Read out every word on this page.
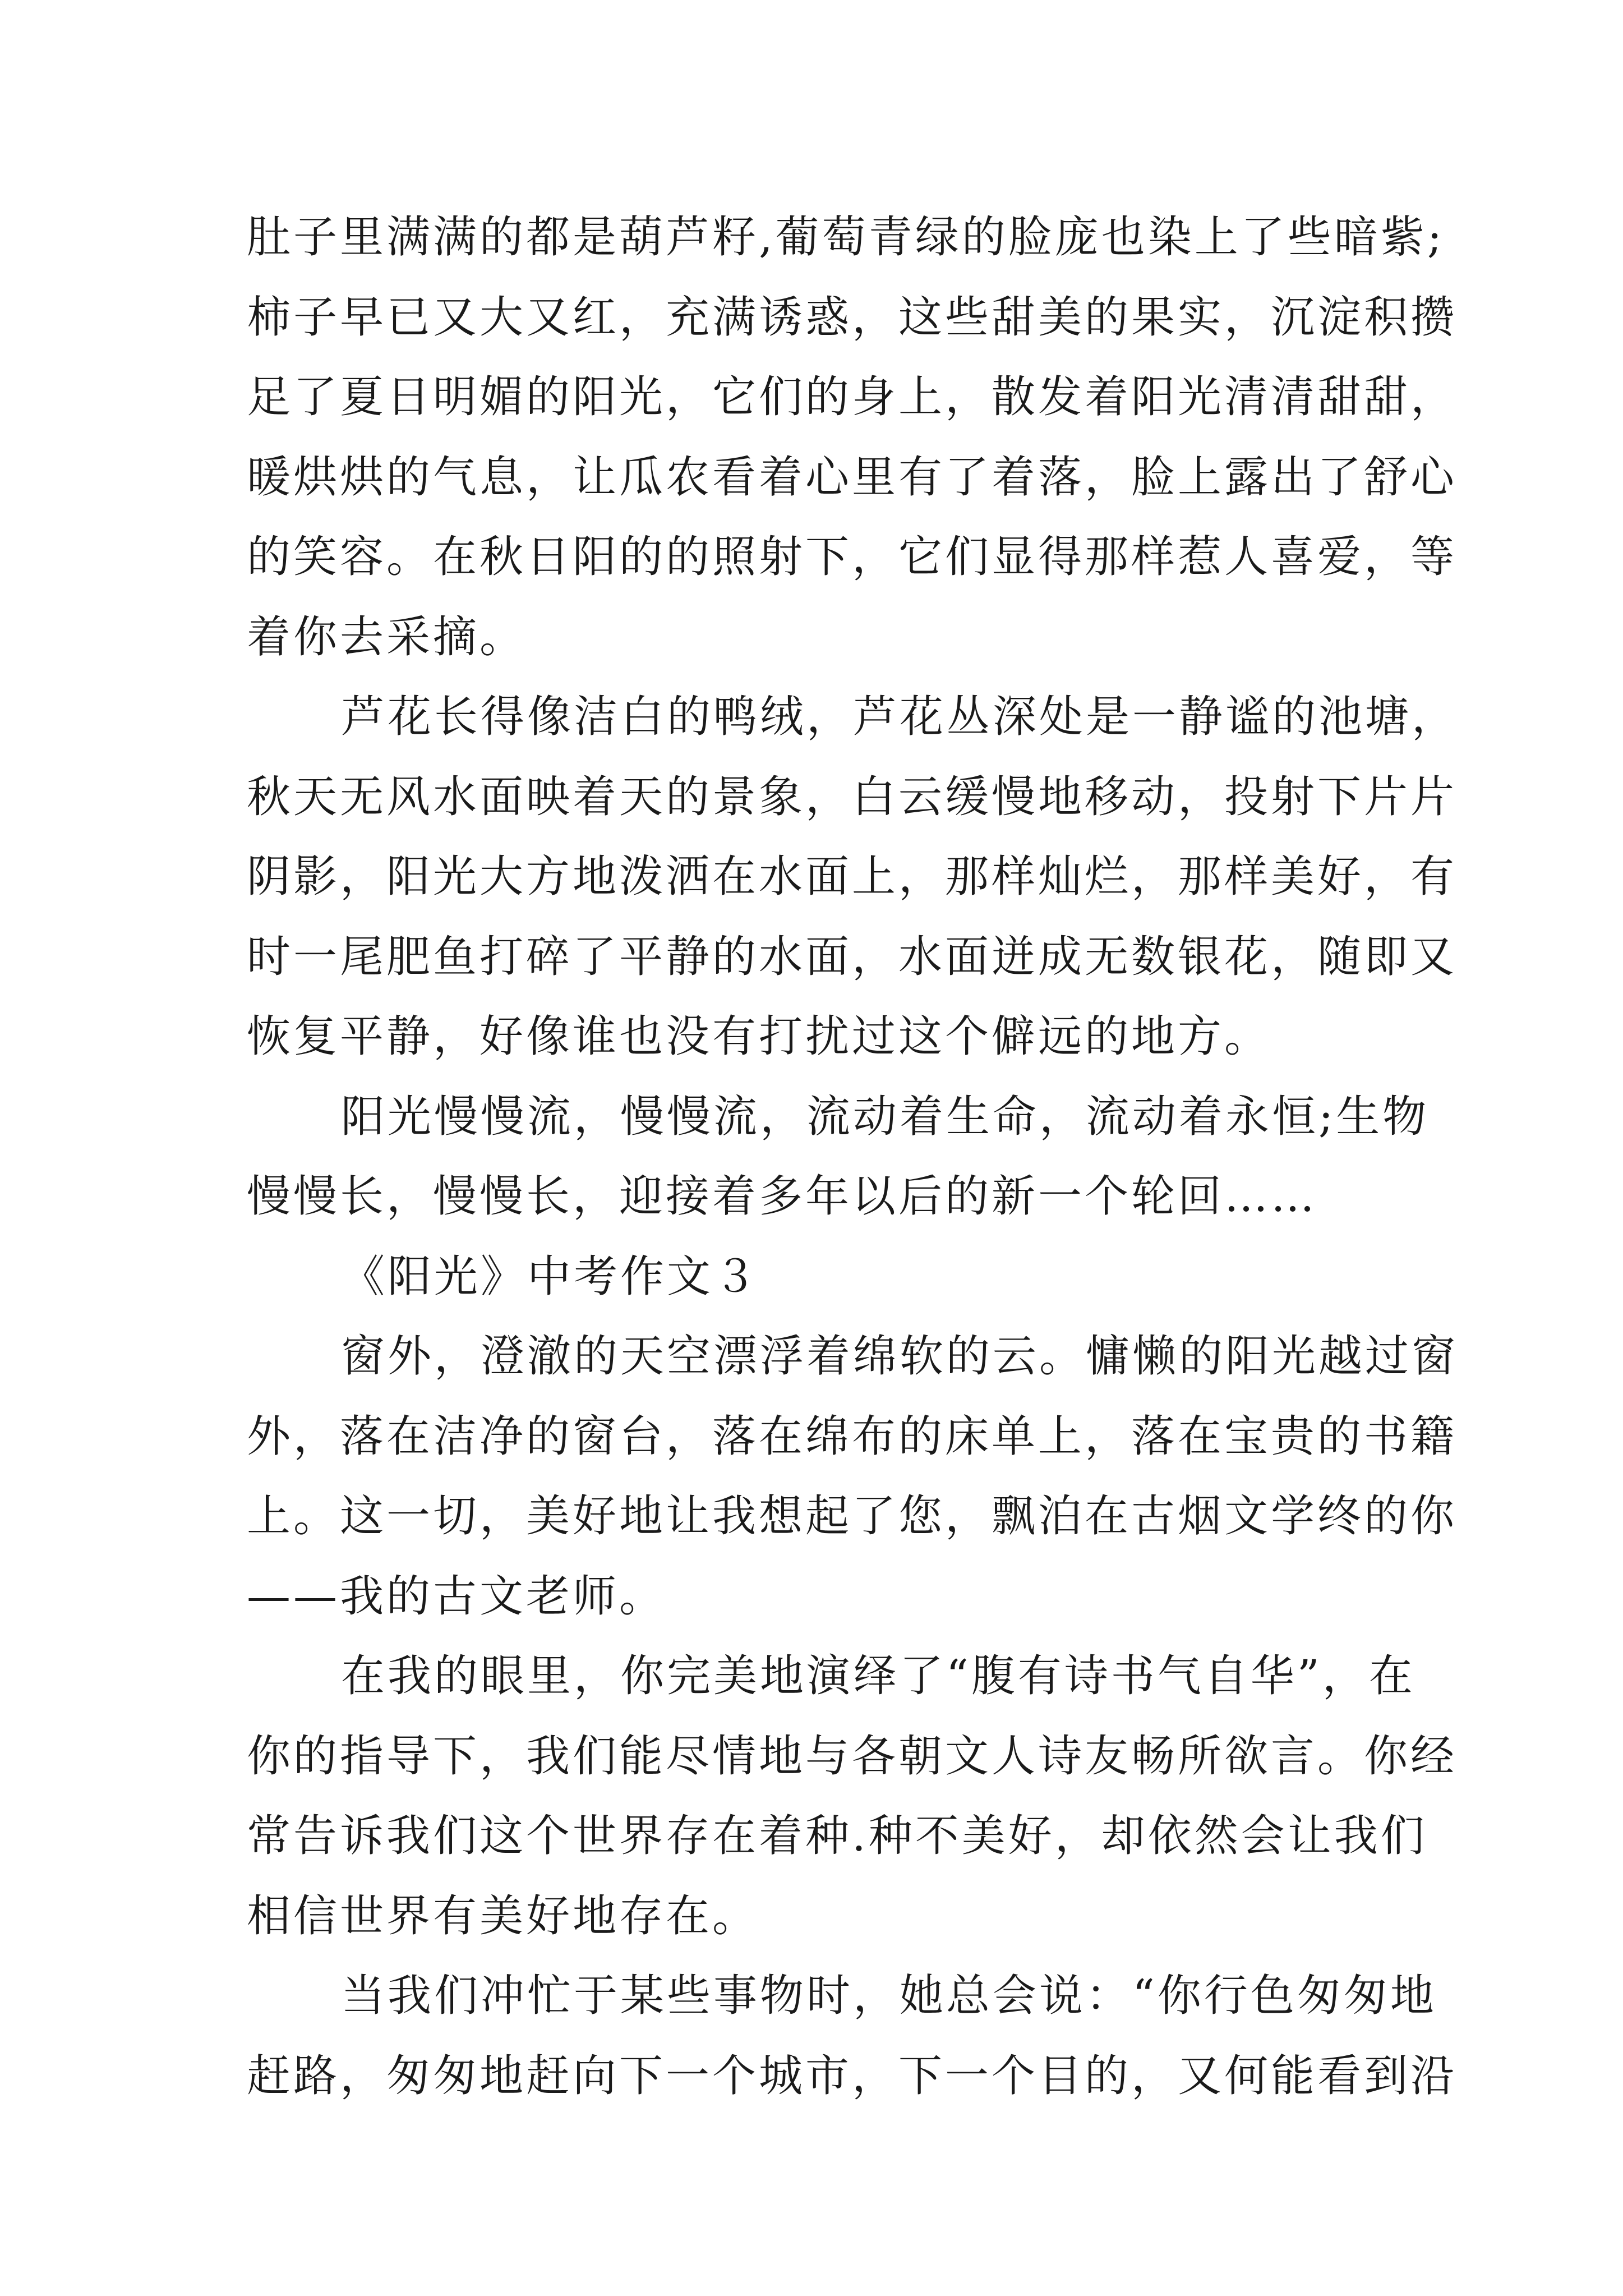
肚子里满满的都是葫芦籽,葡萄青绿的脸庞也染上了些暗紫;
柿子早已又大又红，充满诱惑，这些甜美的果实，沉淀积攒
足了夏日明媚的阳光，它们的身上，散发着阳光清清甜甜，
暖烘烘的气息，让瓜农看着心里有了着落，脸上露出了舒心
的笑容。在秋日阳的的照射下，它们显得那样惹人喜爱，等
着你去采摘。
芦花长得像洁白的鸭绒，芦花丛深处是一静谧的池塘，
秋天无风水面映着天的景象，白云缓慢地移动，投射下片片
阴影，阳光大方地泼洒在水面上，那样灿烂，那样美好，有
时一尾肥鱼打碎了平静的水面，水面迸成无数银花，随即又
恢复平静，好像谁也没有打扰过这个僻远的地方。
阳光慢慢流，慢慢流，流动着生命，流动着永恒;生物
慢慢长，慢慢长，迎接着多年以后的新一个轮回……
《阳光》中考作文３
窗外，澄澈的天空漂浮着绵软的云。慵懒的阳光越过窗
外，落在洁净的窗台，落在绵布的床单上，落在宝贵的书籍
上。这一切，美好地让我想起了您，飘泊在古烟文学终的你
——我的古文老师。
在我的眼里，你完美地演绎了“腹有诗书气自华”，在
你的指导下，我们能尽情地与各朝文人诗友畅所欲言。你经
常告诉我们这个世界存在着种.种不美好，却依然会让我们
相信世界有美好地存在。
当我们冲忙于某些事物时，她总会说：“你行色匆匆地
赶路，匆匆地赶向下一个城市，下一个目的，又何能看到沿
